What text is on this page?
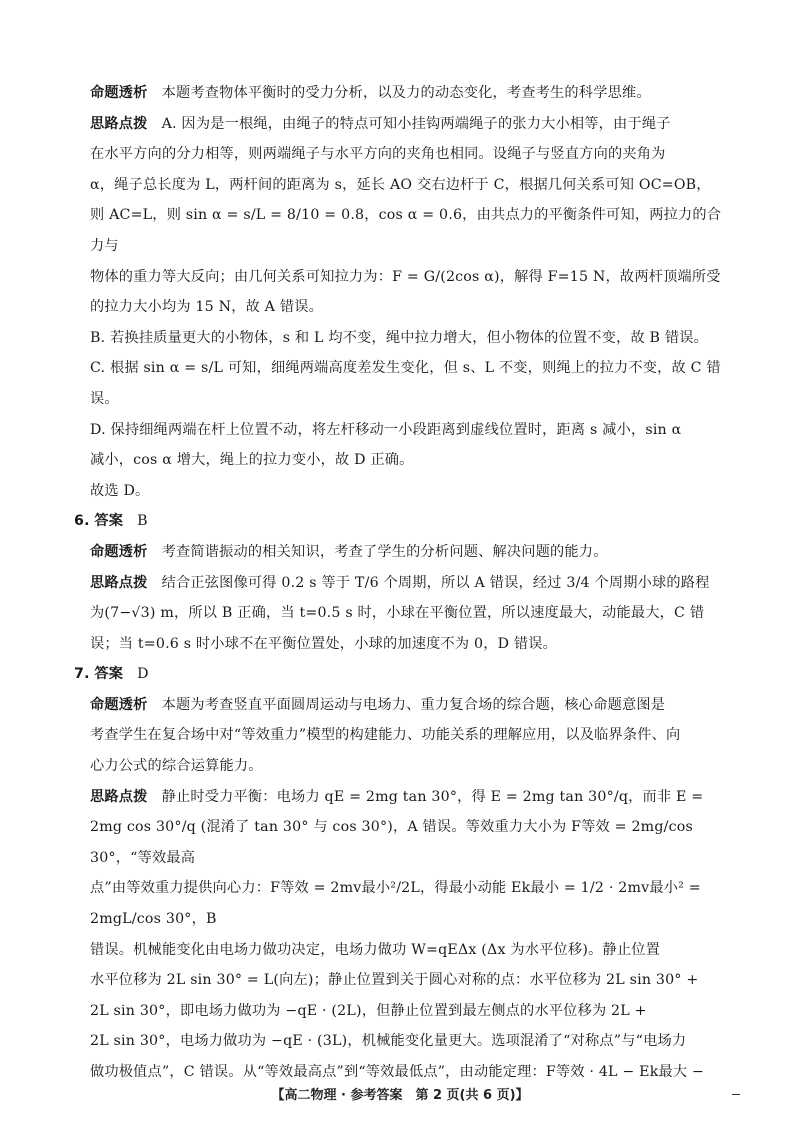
命题透析 本题考查物体平衡时的受力分析，以及力的动态变化，考查考生的科学思维。

思路点拨 A. 因为是一根绳，由绳子的特点可知小挂钩两端绳子的张力大小相等，由于绳子

在水平方向的分力相等，则两端绳子与水平方向的夹角也相同。设绳子与竖直方向的夹角为

α，绳子总长度为 L，两杆间的距离为 s，延长 AO 交右边杆于 C，根据几何关系可知 OC=OB，

则 AC=L，则 sin α = s/L = 8/10 = 0.8，cos α = 0.6，由共点力的平衡条件可知，两拉力的合力与

物体的重力等大反向；由几何关系可知拉力为：F = G/(2cos α)，解得 F=15 N，故两杆顶端所受

的拉力大小均为 15 N，故 A 错误。

B. 若换挂质量更大的小物体，s 和 L 均不变，绳中拉力增大，但小物体的位置不变，故 B 错误。

C. 根据 sin α = s/L 可知，细绳两端高度差发生变化，但 s、L 不变，则绳上的拉力不变，故 C 错

误。

D. 保持细绳两端在杆上位置不动，将左杆移动一小段距离到虚线位置时，距离 s 减小，sin α

减小，cos α 增大，绳上的拉力变小，故 D 正确。

故选 D。

6. 答案 B

命题透析 考查简谐振动的相关知识，考查了学生的分析问题、解决问题的能力。

思路点拨 结合正弦图像可得 0.2 s 等于 T/6 个周期，所以 A 错误，经过 3/4 个周期小球的路程

为(7−√3) m，所以 B 正确，当 t=0.5 s 时，小球在平衡位置，所以速度最大，动能最大，C 错

误；当 t=0.6 s 时小球不在平衡位置处，小球的加速度不为 0，D 错误。

7. 答案 D

命题透析 本题为考查竖直平面圆周运动与电场力、重力复合场的综合题，核心命题意图是

考查学生在复合场中对“等效重力”模型的构建能力、功能关系的理解应用，以及临界条件、向

心力公式的综合运算能力。

思路点拨 静止时受力平衡：电场力 qE = 2mg tan 30°，得 E = 2mg tan 30°/q，而非 E =

2mg cos 30°/q (混淆了 tan 30° 与 cos 30°)，A 错误。等效重力大小为 F等效 = 2mg/cos 30°，“等效最高

点”由等效重力提供向心力：F等效 = 2mv最小²/2L，得最小动能 Ek最小 = 1/2 · 2mv最小² = 2mgL/cos 30°，B

错误。机械能变化由电场力做功决定，电场力做功 W=qEΔx (Δx 为水平位移)。静止位置

水平位移为 2L sin 30° = L(向左)；静止位置到关于圆心对称的点：水平位移为 2L sin 30° +

2L sin 30°，即电场力做功为 −qE · (2L)，但静止位置到最左侧点的水平位移为 2L +

2L sin 30°，电场力做功为 −qE · (3L)，机械能变化量更大。选项混淆了“对称点”与“电场力

做功极值点”，C 错误。从“等效最高点”到“等效最低点”，由动能定理：F等效 · 4L − Ek最大 −

【高二物理 · 参考答案　第 2 页(共 6 页)】
